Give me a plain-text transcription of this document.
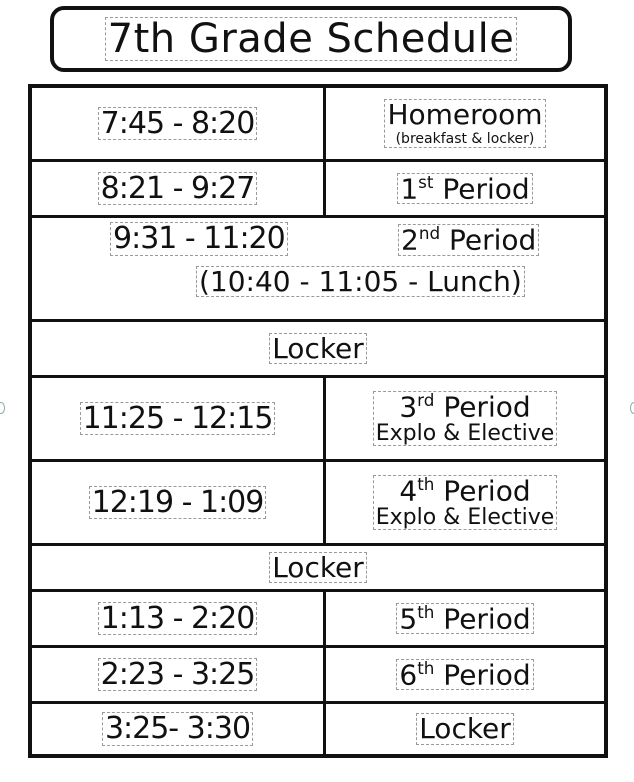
7th Grade Schedule
7:45 - 8:20	Homeroom
(breakfast & locker)
8:21 - 9:27	1st Period
9:31 - 11:20	2nd Period
(10:40 - 11:05 - Lunch)
Locker
11:25 - 12:15	3rd Period
Explo & Elective
12:19 - 1:09	4th Period
Explo & Elective
Locker
1:13 - 2:20	5th Period
2:23 - 3:25	6th Period
3:25- 3:30	Locker
